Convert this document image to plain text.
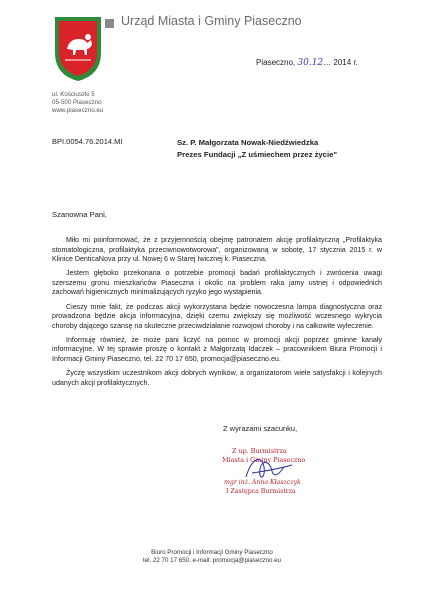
Urząd Miasta i Gminy Piaseczno
ul. Kościuszki 5
05-500 Piaseczno
www.piaseczno.eu
Piaseczno, 30.12… 2014 r.
BPI.0054.76.2014.MI	Sz. P. Małgorzata Nowak-Niedźwiedzka
Prezes Fundacji „Z uśmiechem przez życie"
Szanowna Pani,

Miło mi poinformować, że z przyjemnością obejmę patronatem akcję profilaktyczną „Profilaktyka stomatologiczna, profilaktyka przeciwnowotworowa", organizowaną w sobotę, 17 stycznia 2015 r. w Klinice DenticaNova przy ul. Nowej 6 w Starej Iwicznej k. Piaseczna.

Jestem głęboko przekonana o potrzebie promocji badań profilaktycznych i zwrócenia uwagi szerszemu gronu mieszkańców Piaseczna i okolic na problem raka jamy ustnej i odpowiednich zachowań higienicznych minimalizujących ryzyko jego wystąpienia.

Cieszy mnie fakt, że podczas akcji wykorzystana będzie nowoczesna lampa diagnostyczna oraz prowadzona będzie akcja informacyjna, dzięki czemu zwiększy się możliwość wczesnego wykrycia choroby dającego szansę na skuteczne przeciwdziałanie rozwojowi choroby i na całkowite wyleczenie.

Informuję również, że może pani liczyć na pomoc w promocji akcji poprzez gminne kanały informacyjne. W tej sprawie proszę o kontakt z Małgorzatą Idaczek – pracownikiem Biura Promocji i Informacji Gminy Piaseczno, tel. 22 70 17 650, promocja@piaseczno.eu.

Życzę wszystkim uczestnikom akcji dobrych wyników, a organizatorom wiele satysfakcji i kolejnych udanych akcji profilaktycznych.

Z wyrazami szacunku,
Z up. Burmistrza
Miasta i Gminy Piaseczno
mgr inż. Anna Kłaszczyk
I Zastępca Burmistrza
Biuro Promocji i Informacji Gminy Piaseczno
tel. 22 70 17 650, e-mail: promocja@piaseczno.eu
